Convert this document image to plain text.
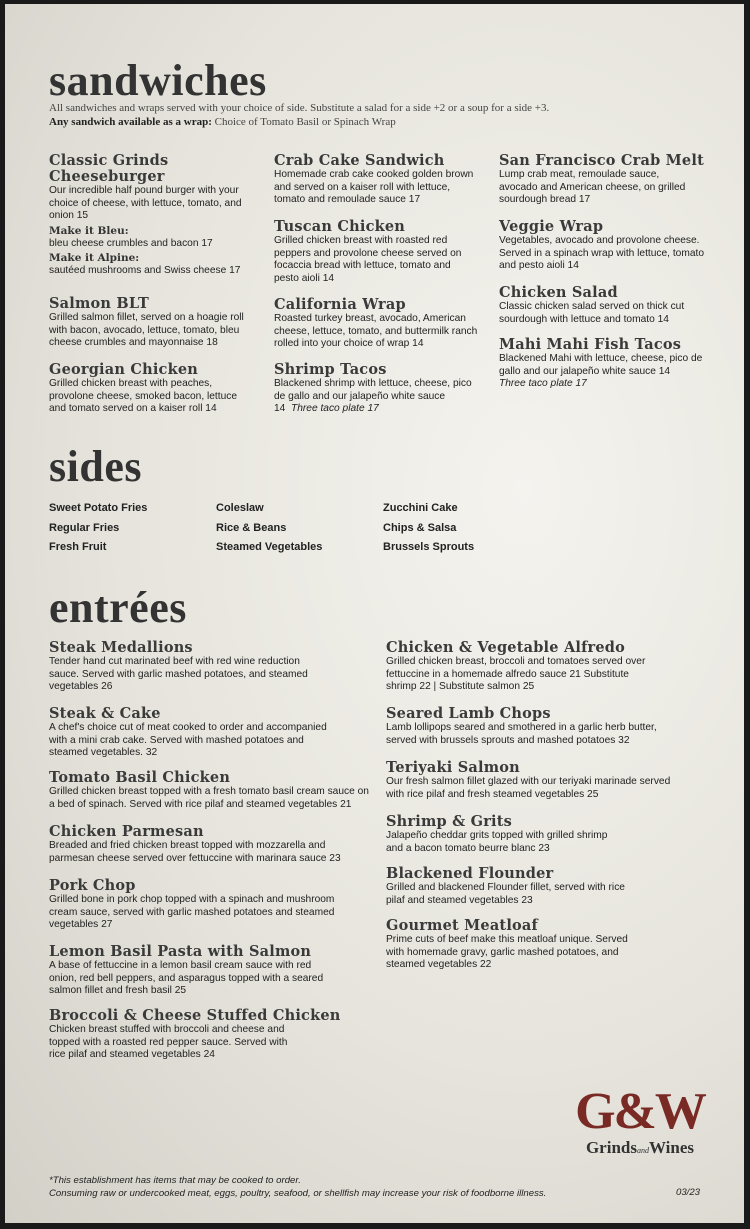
sandwiches
All sandwiches and wraps served with your choice of side. Substitute a salad for a side +2 or a soup for a side +3.
Any sandwich available as a wrap: Choice of Tomato Basil or Spinach Wrap
Classic Grinds Cheeseburger

Our incredible half pound burger with your choice of cheese, with lettuce, tomato, and onion 15

Make it Bleu:

bleu cheese crumbles and bacon 17

Make it Alpine:

sautéed mushrooms and Swiss cheese 17

Salmon BLT

Grilled salmon fillet, served on a hoagie roll with bacon, avocado, lettuce, tomato, bleu cheese crumbles and mayonnaise 18

Georgian Chicken

Grilled chicken breast with peaches, provolone cheese, smoked bacon, lettuce and tomato served on a kaiser roll 14

Crab Cake Sandwich

Homemade crab cake cooked golden brown and served on a kaiser roll with lettuce, tomato and remoulade sauce 17

Tuscan Chicken

Grilled chicken breast with roasted red peppers and provolone cheese served on focaccia bread with lettuce, tomato and pesto aioli 14

California Wrap

Roasted turkey breast, avocado, American cheese, lettuce, tomato, and buttermilk ranch rolled into your choice of wrap 14

Shrimp Tacos

Blackened shrimp with lettuce, cheese, pico de gallo and our jalapeño white sauce 14 Three taco plate 17

San Francisco Crab Melt

Lump crab meat, remoulade sauce, avocado and American cheese, on grilled sourdough bread 17

Veggie Wrap

Vegetables, avocado and provolone cheese. Served in a spinach wrap with lettuce, tomato and pesto aioli 14

Chicken Salad

Classic chicken salad served on thick cut sourdough with lettuce and tomato 14

Mahi Mahi Fish Tacos

Blackened Mahi with lettuce, cheese, pico de gallo and our jalapeño white sauce 14

Three taco plate 17

sides
Sweet Potato Fries	Coleslaw	Zucchini Cake
Regular Fries	Rice & Beans	Chips & Salsa
Fresh Fruit	Steamed Vegetables	Brussels Sprouts
entrées
Steak Medallions

Tender hand cut marinated beef with red wine reduction sauce. Served with garlic mashed potatoes, and steamed vegetables 26

Steak & Cake

A chef's choice cut of meat cooked to order and accompanied with a mini crab cake. Served with mashed potatoes and steamed vegetables. 32

Tomato Basil Chicken

Grilled chicken breast topped with a fresh tomato basil cream sauce on a bed of spinach. Served with rice pilaf and steamed vegetables 21

Chicken Parmesan

Breaded and fried chicken breast topped with mozzarella and parmesan cheese served over fettuccine with marinara sauce 23

Pork Chop

Grilled bone in pork chop topped with a spinach and mushroom cream sauce, served with garlic mashed potatoes and steamed vegetables 27

Lemon Basil Pasta with Salmon

A base of fettuccine in a lemon basil cream sauce with red onion, red bell peppers, and asparagus topped with a seared salmon fillet and fresh basil 25

Broccoli & Cheese Stuffed Chicken

Chicken breast stuffed with broccoli and cheese and topped with a roasted red pepper sauce. Served with rice pilaf and steamed vegetables 24

Chicken & Vegetable Alfredo

Grilled chicken breast, broccoli and tomatoes served over fettuccine in a homemade alfredo sauce 21 Substitute shrimp 22 | Substitute salmon 25

Seared Lamb Chops

Lamb lollipops seared and smothered in a garlic herb butter, served with brussels sprouts and mashed potatoes 32

Teriyaki Salmon

Our fresh salmon fillet glazed with our teriyaki marinade served with rice pilaf and fresh steamed vegetables 25

Shrimp & Grits

Jalapeño cheddar grits topped with grilled shrimp and a bacon tomato beurre blanc 23

Blackened Flounder

Grilled and blackened Flounder fillet, served with rice pilaf and steamed vegetables 23

Gourmet Meatloaf

Prime cuts of beef make this meatloaf unique. Served with homemade gravy, garlic mashed potatoes, and steamed vegetables 22

G&W
GrindsandWines
*This establishment has items that may be cooked to order.
Consuming raw or undercooked meat, eggs, poultry, seafood, or shellfish may increase your risk of foodborne illness.	03/23
